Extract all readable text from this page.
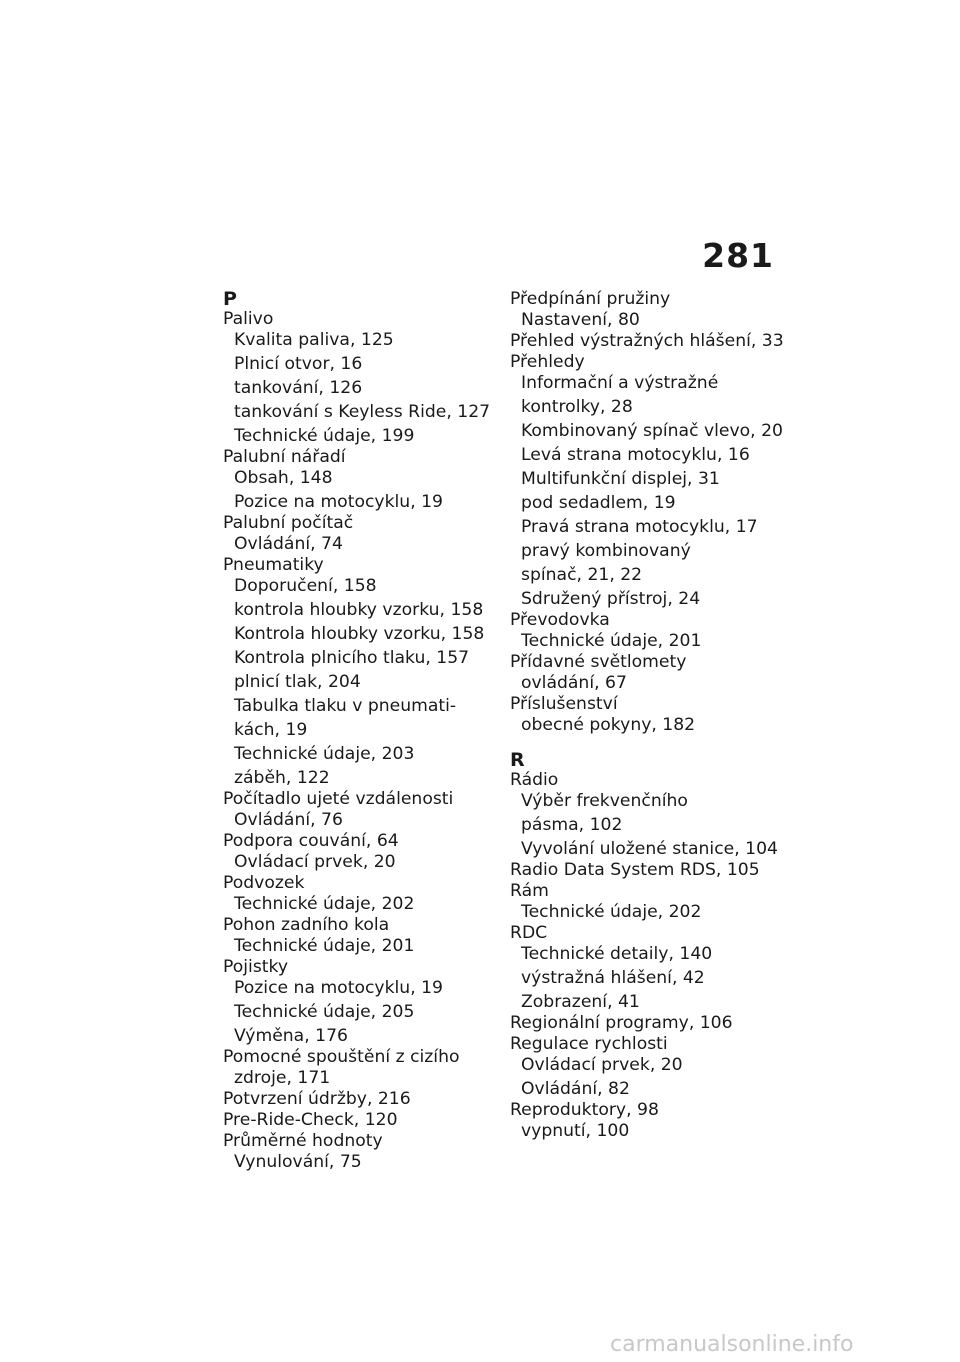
281
P
Palivo
Kvalita paliva, 125
Plnicí otvor, 16
tankování, 126
tankování s Keyless Ride, 127
Technické údaje, 199
Palubní nářadí
Obsah, 148
Pozice na motocyklu, 19
Palubní počítač
Ovládání, 74
Pneumatiky
Doporučení, 158
kontrola hloubky vzorku, 158
Kontrola hloubky vzorku, 158
Kontrola plnicího tlaku, 157
plnicí tlak, 204
Tabulka tlaku v pneumati-
kách, 19
Technické údaje, 203
záběh, 122
Počítadlo ujeté vzdálenosti
Ovládání, 76
Podpora couvání, 64
Ovládací prvek, 20
Podvozek
Technické údaje, 202
Pohon zadního kola
Technické údaje, 201
Pojistky
Pozice na motocyklu, 19
Technické údaje, 205
Výměna, 176
Pomocné spouštění z cizího
zdroje, 171
Potvrzení údržby, 216
Pre-Ride-Check, 120
Průměrné hodnoty
Vynulování, 75
Předpínání pružiny
Nastavení, 80
Přehled výstražných hlášení, 33
Přehledy
Informační a výstražné
kontrolky, 28
Kombinovaný spínač vlevo, 20
Levá strana motocyklu, 16
Multifunkční displej, 31
pod sedadlem, 19
Pravá strana motocyklu, 17
pravý kombinovaný
spínač, 21, 22
Sdružený přístroj, 24
Převodovka
Technické údaje, 201
Přídavné světlomety
ovládání, 67
Příslušenství
obecné pokyny, 182
R
Rádio
Výběr frekvenčního
pásma, 102
Vyvolání uložené stanice, 104
Radio Data System RDS, 105
Rám
Technické údaje, 202
RDC
Technické detaily, 140
výstražná hlášení, 42
Zobrazení, 41
Regionální programy, 106
Regulace rychlosti
Ovládací prvek, 20
Ovládání, 82
Reproduktory, 98
vypnutí, 100
carmanualsonline.info
